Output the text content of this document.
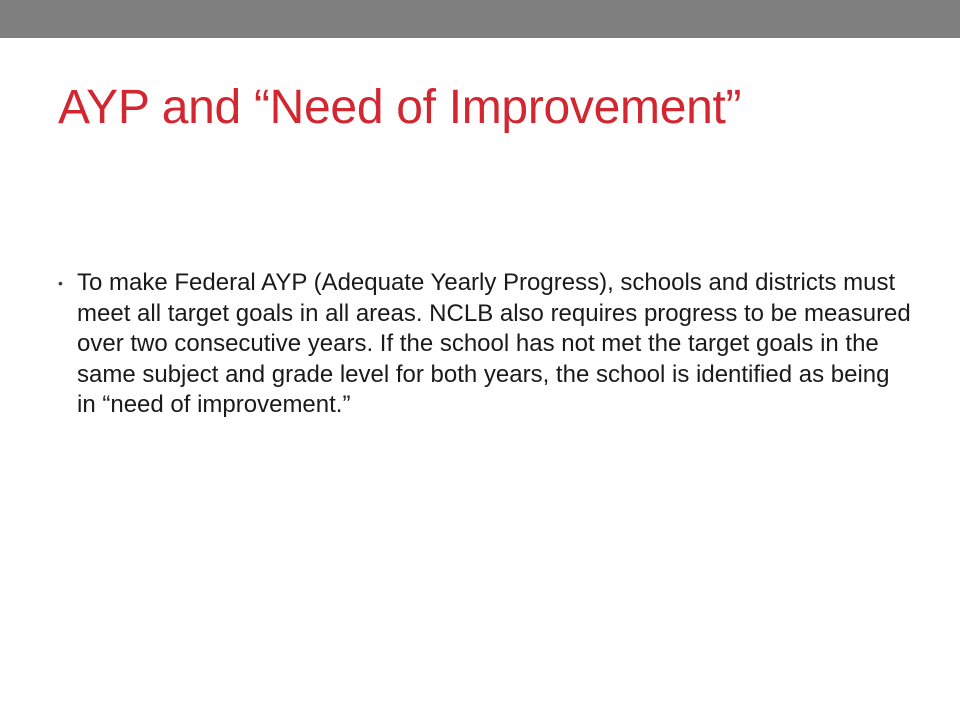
AYP and “Need of Improvement”
• To make Federal AYP (Adequate Yearly Progress), schools and districts must meet all target goals in all areas. NCLB also requires progress to be measured over two consecutive years. If the school has not met the target goals in the same subject and grade level for both years, the school is identified as being in “need of improvement.”
